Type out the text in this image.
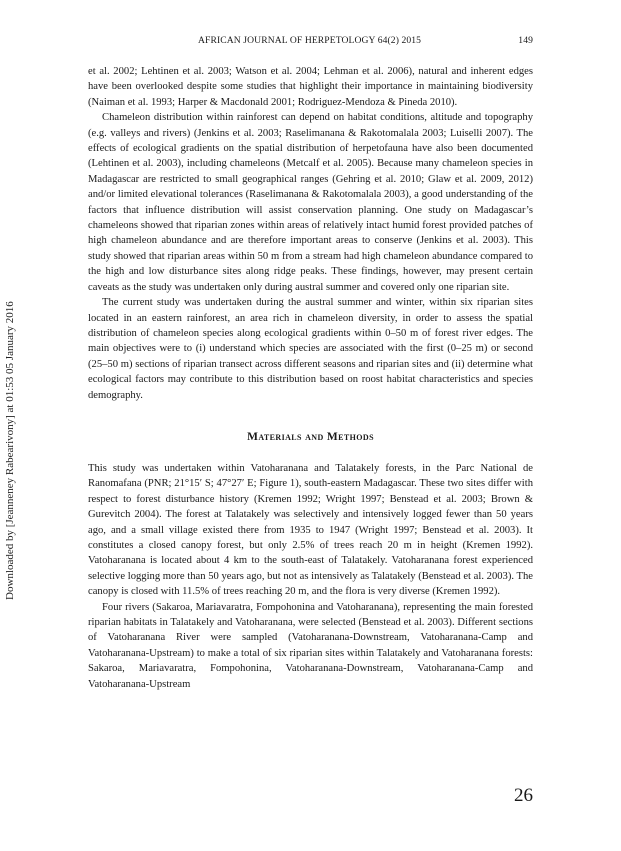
AFRICAN JOURNAL OF HERPETOLOGY 64(2) 2015	149
Downloaded by [Jeanneney Rabearivony] at 01:53 05 January 2016

et al. 2002; Lehtinen et al. 2003; Watson et al. 2004; Lehman et al. 2006), natural and inherent edges have been overlooked despite some studies that highlight their importance in maintaining biodiversity (Naiman et al. 1993; Harper & Macdonald 2001; Rodriguez-Mendoza & Pineda 2010).

Chameleon distribution within rainforest can depend on habitat conditions, altitude and topography (e.g. valleys and rivers) (Jenkins et al. 2003; Raselimanana & Rakotomalala 2003; Luiselli 2007). The effects of ecological gradients on the spatial distribution of herpetofauna have also been documented (Lehtinen et al. 2003), including chameleons (Metcalf et al. 2005). Because many chameleon species in Madagascar are restricted to small geographical ranges (Gehring et al. 2010; Glaw et al. 2009, 2012) and/or limited elevational tolerances (Raselimanana & Rakotomalala 2003), a good understanding of the factors that influence distribution will assist conservation planning. One study on Madagascar’s chameleons showed that riparian zones within areas of relatively intact humid forest provided patches of high chameleon abundance and are therefore important areas to conserve (Jenkins et al. 2003). This study showed that riparian areas within 50 m from a stream had high chameleon abundance compared to the high and low disturbance sites along ridge peaks. These findings, however, may present certain caveats as the study was undertaken only during austral summer and covered only one riparian site.

The current study was undertaken during the austral summer and winter, within six riparian sites located in an eastern rainforest, an area rich in chameleon diversity, in order to assess the spatial distribution of chameleon species along ecological gradients within 0–50 m of forest river edges. The main objectives were to (i) understand which species are associated with the first (0–25 m) or second (25–50 m) sections of riparian transect across different seasons and riparian sites and (ii) determine what ecological factors may contribute to this distribution based on roost habitat characteristics and species demography.

Materials and Methods

This study was undertaken within Vatoharanana and Talatakely forests, in the Parc National de Ranomafana (PNR; 21°15′ S; 47°27′ E; Figure 1), south-eastern Madagascar. These two sites differ with respect to forest disturbance history (Kremen 1992; Wright 1997; Benstead et al. 2003; Brown & Gurevitch 2004). The forest at Talatakely was selectively and intensively logged fewer than 50 years ago, and a small village existed there from 1935 to 1947 (Wright 1997; Benstead et al. 2003). It constitutes a closed canopy forest, but only 2.5% of trees reach 20 m in height (Kremen 1992). Vatoharanana is located about 4 km to the south-east of Talatakely. Vatoharanana forest experienced selective logging more than 50 years ago, but not as intensively as Talatakely (Benstead et al. 2003). The canopy is closed with 11.5% of trees reaching 20 m, and the flora is very diverse (Kremen 1992).

Four rivers (Sakaroa, Mariavaratra, Fompohonina and Vatoharanana), representing the main forested riparian habitats in Talatakely and Vatoharanana, were selected (Benstead et al. 2003). Different sections of Vatoharanana River were sampled (Vatoharanana-Downstream, Vatoharanana-Camp and Vatoharanana-Upstream) to make a total of six riparian sites within Talatakely and Vatoharanana forests: Sakaroa, Mariavaratra, Fompohonina, Vatoharanana-Downstream, Vatoharanana-Camp and Vatoharanana-Upstream

26
